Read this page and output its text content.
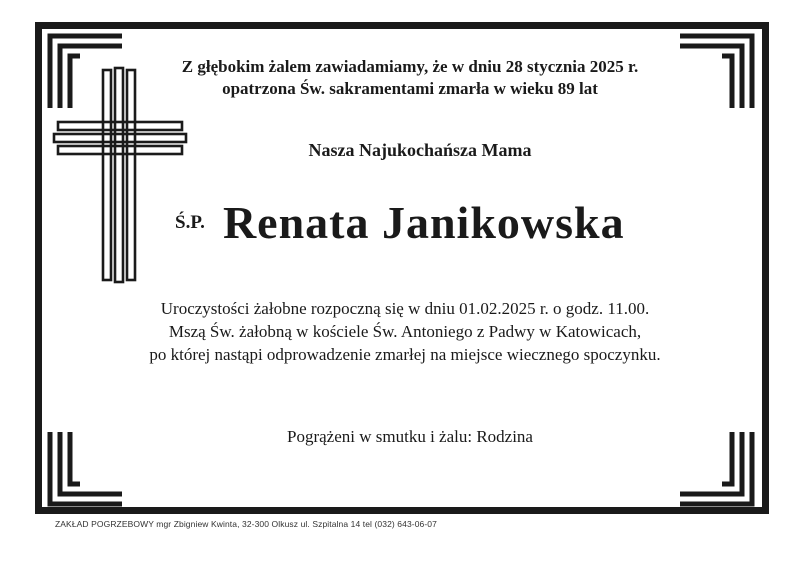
Z głębokim żalem zawiadamiamy, że w dniu 28 stycznia 2025 r.
opatrzona Św. sakramentami zmarła w wieku 89 lat
Nasza Najukochańsza Mama
Ś.P. Renata Janikowska
Uroczystości żałobne rozpoczną się w dniu 01.02.2025 r. o godz. 11.00.
Mszą Św. żałobną w kościele Św. Antoniego z Padwy w Katowicach,
po której nastąpi odprowadzenie zmarłej na miejsce wiecznego spoczynku.
Pogrążeni w smutku i żalu: Rodzina
ZAKŁAD POGRZEBOWY mgr Zbigniew Kwinta, 32-300 Olkusz ul. Szpitalna 14 tel (032) 643-06-07
